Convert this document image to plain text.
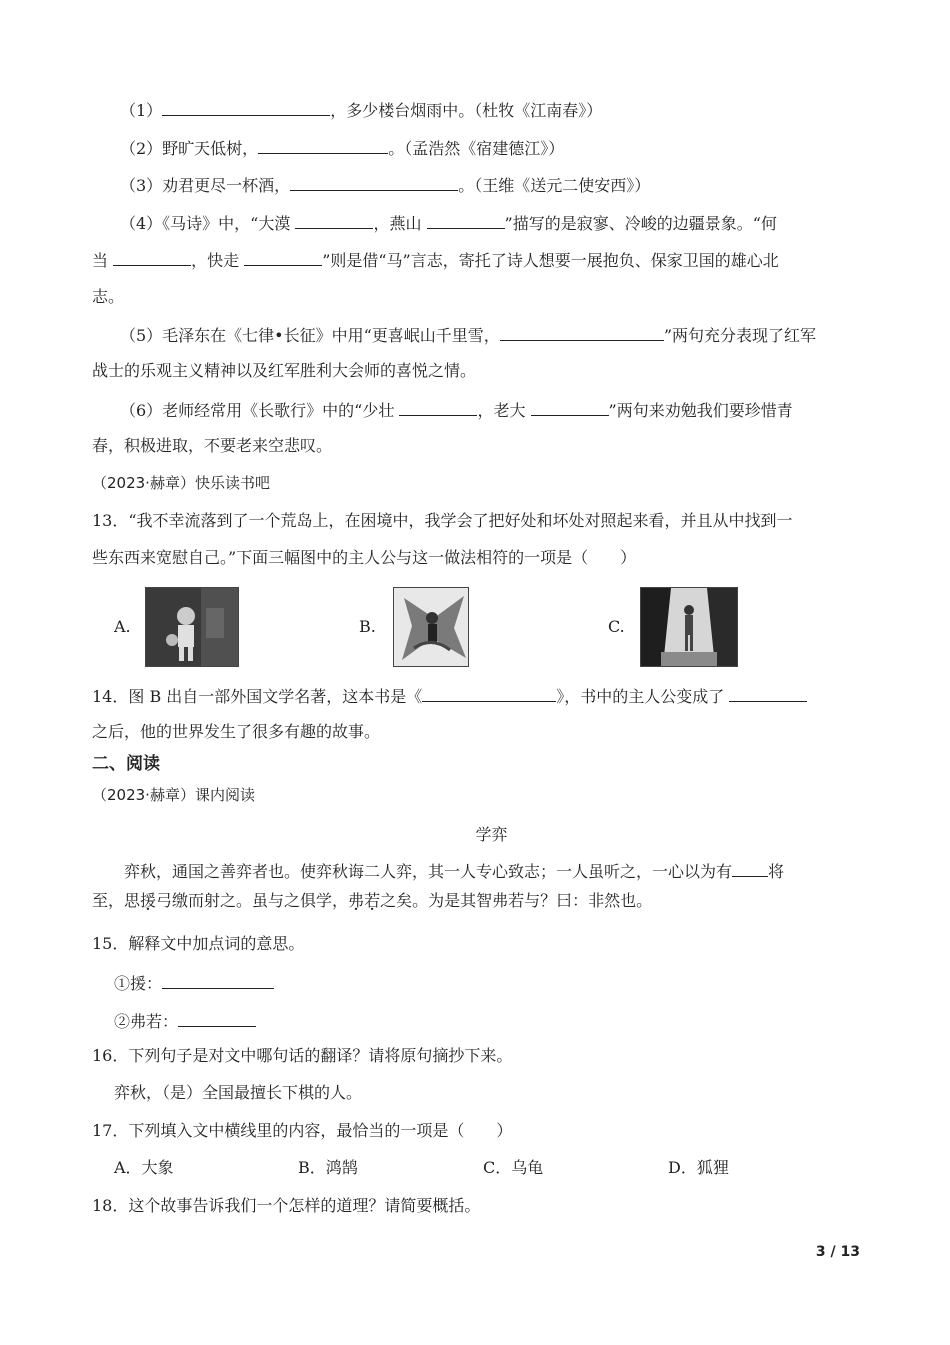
（1）	，多少楼台烟雨中。（杜牧《江南春》）
（2）野旷天低树，	。（孟浩然《宿建德江》）
（3）劝君更尽一杯酒，	。（王维《送元二使安西》）
（4）《马诗》中，“大漠	，燕山	”描写的是寂寥、冷峻的边疆景象。“何
当	，快走	”则是借“马”言志，寄托了诗人想要一展抱负、保家卫国的雄心北
志。
（5）毛泽东在《七律•长征》中用“更喜岷山千里雪，	”两句充分表现了红军
战士的乐观主义精神以及红军胜利大会师的喜悦之情。
（6）老师经常用《长歌行》中的“少壮	，老大	”两句来劝勉我们要珍惜青
春，积极进取，不要老来空悲叹。
（2023·赫章）快乐读书吧
13．“我不幸流落到了一个荒岛上，在困境中，我学会了把好处和坏处对照起来看，并且从中找到一
些东西来宽慰自己。”下面三幅图中的主人公与这一做法相符的一项是（　　）
A.	B.	C.
14．图 B 出自一部外国文学名著，这本书是《	》，书中的主人公变成了
之后，他的世界发生了很多有趣的故事。
二、阅读
（2023·赫章）课内阅读
学弈
弈秋，通国之善弈者也。使弈秋诲二人弈，其一人专心致志；一人虽听之，一心以为有 将
至，思援弓缴而射之。虽与之俱学，弗若之矣。为是其智弗若与？曰：非然也。
15．解释文中加点词的意思。
①援：
②弗若：
16．下列句子是对文中哪句话的翻译？请将原句摘抄下来。
弈秋，（是）全国最擅长下棋的人。
17．下列填入文中横线里的内容，最恰当的一项是（　　）
A．大象	B．鸿鹄	C．乌龟	D．狐狸
18．这个故事告诉我们一个怎样的道理？请简要概括。
3 / 13
